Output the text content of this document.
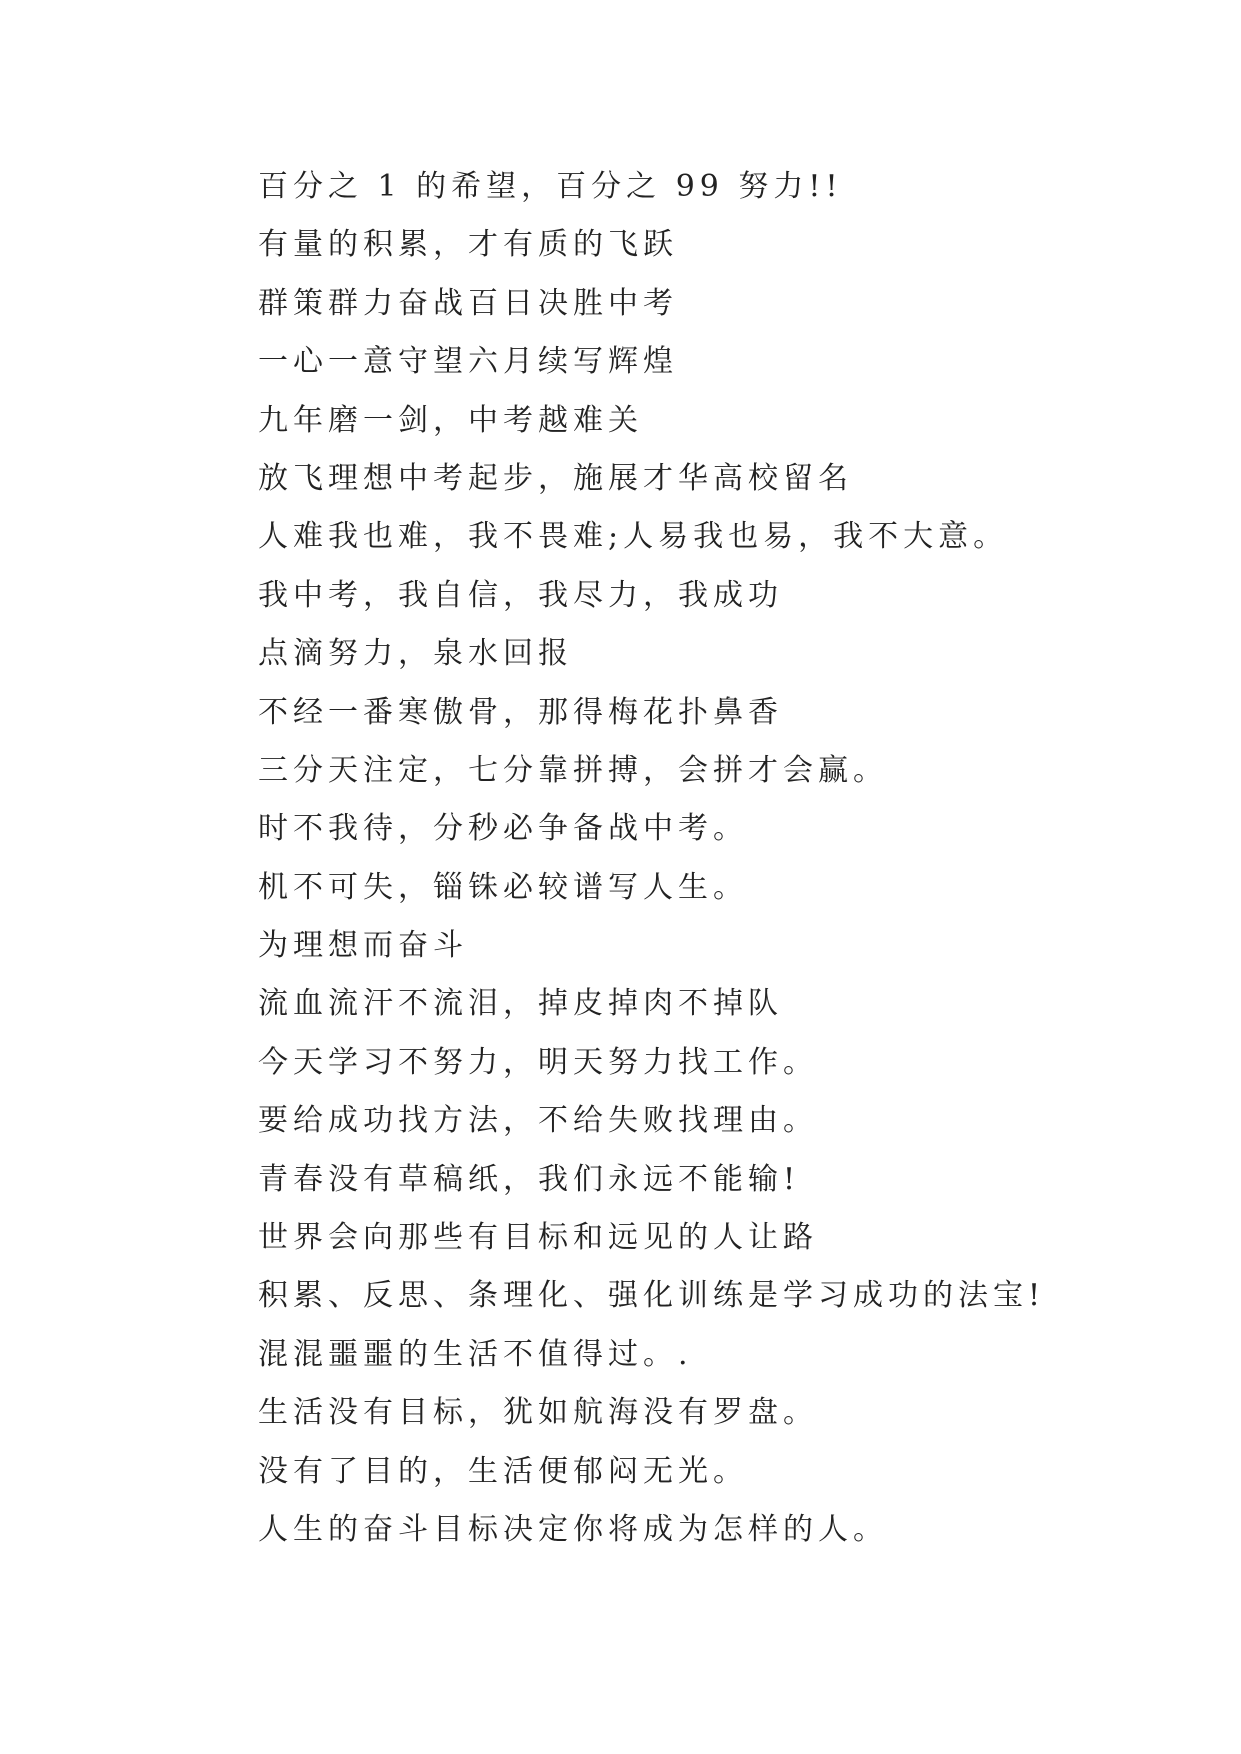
百分之 1 的希望，百分之 99 努力!!
有量的积累，才有质的飞跃
群策群力奋战百日决胜中考
一心一意守望六月续写辉煌
九年磨一剑，中考越难关
放飞理想中考起步，施展才华高校留名
人难我也难，我不畏难;人易我也易，我不大意。
我中考，我自信，我尽力，我成功
点滴努力，泉水回报
不经一番寒傲骨，那得梅花扑鼻香
三分天注定，七分靠拼搏，会拼才会赢。
时不我待，分秒必争备战中考。
机不可失，锱铢必较谱写人生。
为理想而奋斗
流血流汗不流泪，掉皮掉肉不掉队
今天学习不努力，明天努力找工作。
要给成功找方法，不给失败找理由。
青春没有草稿纸，我们永远不能输!
世界会向那些有目标和远见的人让路
积累、反思、条理化、强化训练是学习成功的法宝!
混混噩噩的生活不值得过。.
生活没有目标，犹如航海没有罗盘。
没有了目的，生活便郁闷无光。
人生的奋斗目标决定你将成为怎样的人。
